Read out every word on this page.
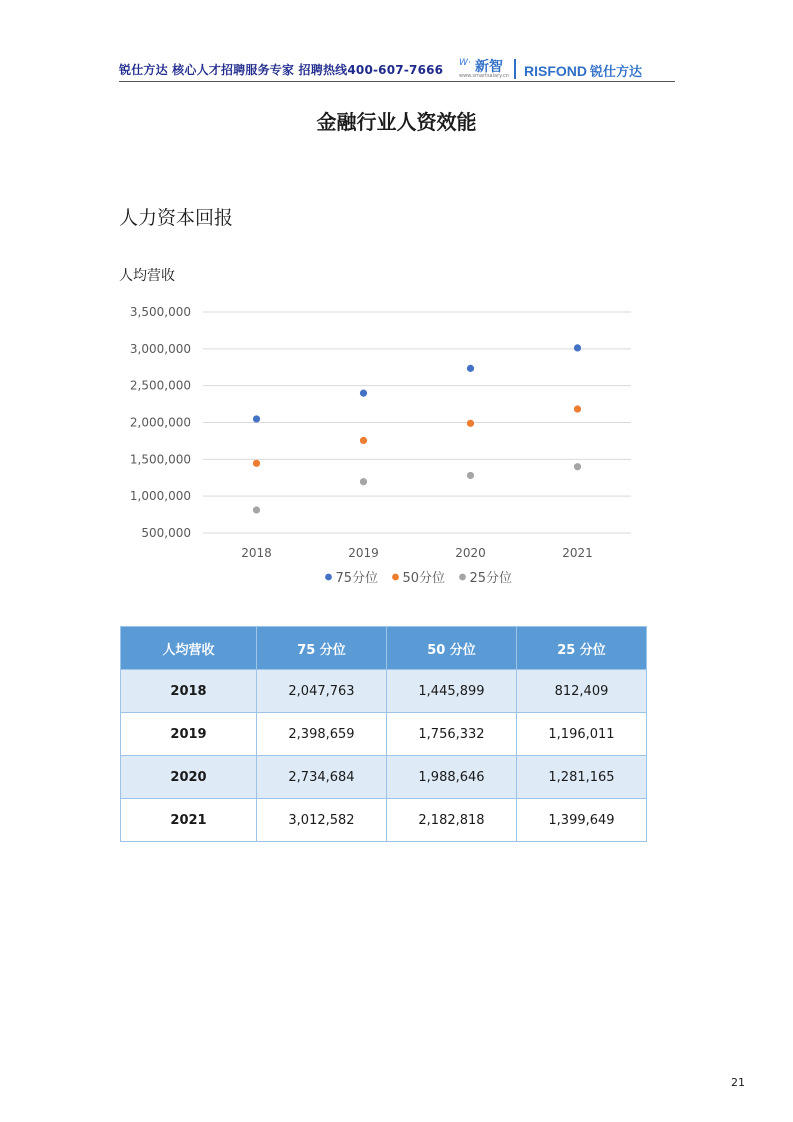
锐仕方达 核心人才招聘服务专家 招聘热线400-607-7666 W· 新智
www.smartsalary.cn RISFOND 锐仕方达
金融行业人资效能
人力资本回报
人均营收
500,000
1,000,000
1,500,000
2,000,000
2,500,000
3,000,000
3,500,000
2018	2019	2020	2021
75分位 50分位 25分位
人均营收	75 分位	50 分位	25 分位
2018	2,047,763	1,445,899	812,409
2019	2,398,659	1,756,332	1,196,011
2020	2,734,684	1,988,646	1,281,165
2021	3,012,582	2,182,818	1,399,649
21
